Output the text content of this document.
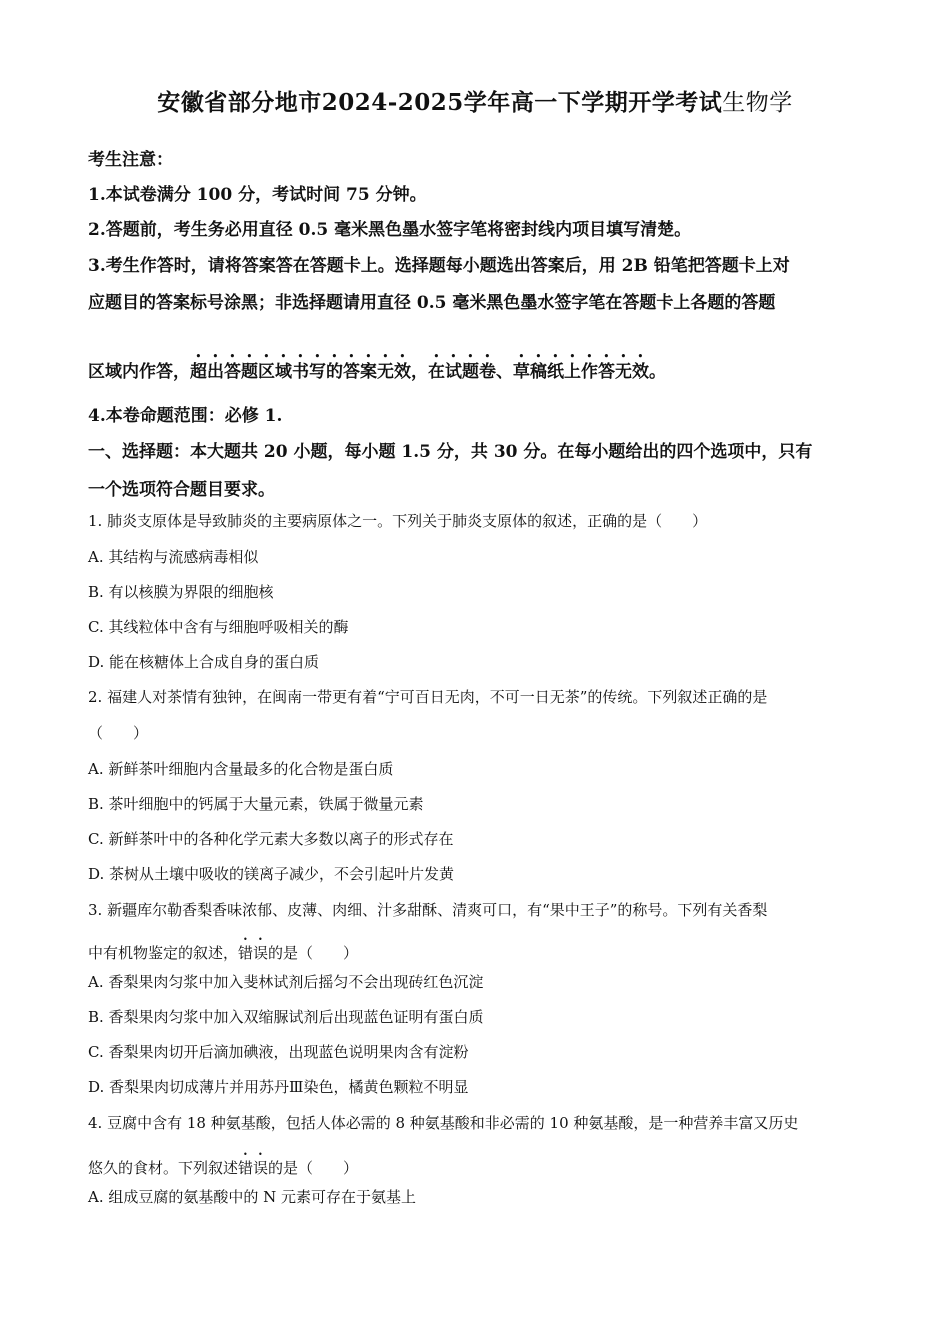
安徽省部分地市2024-2025学年高一下学期开学考试生物学
考生注意：
1.本试卷满分 100 分，考试时间 75 分钟。
2.答题前，考生务必用直径 0.5 毫米黑色墨水签字笔将密封线内项目填写清楚。
3.考生作答时，请将答案答在答题卡上。选择题每小题选出答案后，用 2B 铅笔把答题卡上对
应题目的答案标号涂黑；非选择题请用直径 0.5 毫米黑色墨水签字笔在答题卡上各题的答题
区域内作答，超出答题区域书写的答案无效，在试题卷、草稿纸上作答无效。
4.本卷命题范围：必修 1.
一、选择题：本大题共 20 小题，每小题 1.5 分，共 30 分。在每小题给出的四个选项中，只有
一个选项符合题目要求。
1. 肺炎支原体是导致肺炎的主要病原体之一。下列关于肺炎支原体的叙述，正确的是（　　）
A. 其结构与流感病毒相似
B. 有以核膜为界限的细胞核
C. 其线粒体中含有与细胞呼吸相关的酶
D. 能在核糖体上合成自身的蛋白质
2. 福建人对茶情有独钟，在闽南一带更有着“宁可百日无肉，不可一日无茶”的传统。下列叙述正确的是
（　　）
A. 新鲜茶叶细胞内含量最多的化合物是蛋白质
B. 茶叶细胞中的钙属于大量元素，铁属于微量元素
C. 新鲜茶叶中的各种化学元素大多数以离子的形式存在
D. 茶树从土壤中吸收的镁离子减少，不会引起叶片发黄
3. 新疆库尔勒香梨香味浓郁、皮薄、肉细、汁多甜酥、清爽可口，有“果中王子”的称号。下列有关香梨
中有机物鉴定的叙述，错误的是（　　）
A. 香梨果肉匀浆中加入斐林试剂后摇匀不会出现砖红色沉淀
B. 香梨果肉匀浆中加入双缩脲试剂后出现蓝色证明有蛋白质
C. 香梨果肉切开后滴加碘液，出现蓝色说明果肉含有淀粉
D. 香梨果肉切成薄片并用苏丹Ⅲ染色，橘黄色颗粒不明显
4. 豆腐中含有 18 种氨基酸，包括人体必需的 8 种氨基酸和非必需的 10 种氨基酸，是一种营养丰富又历史
悠久的食材。下列叙述错误的是（　　）
A. 组成豆腐的氨基酸中的 N 元素可存在于氨基上
